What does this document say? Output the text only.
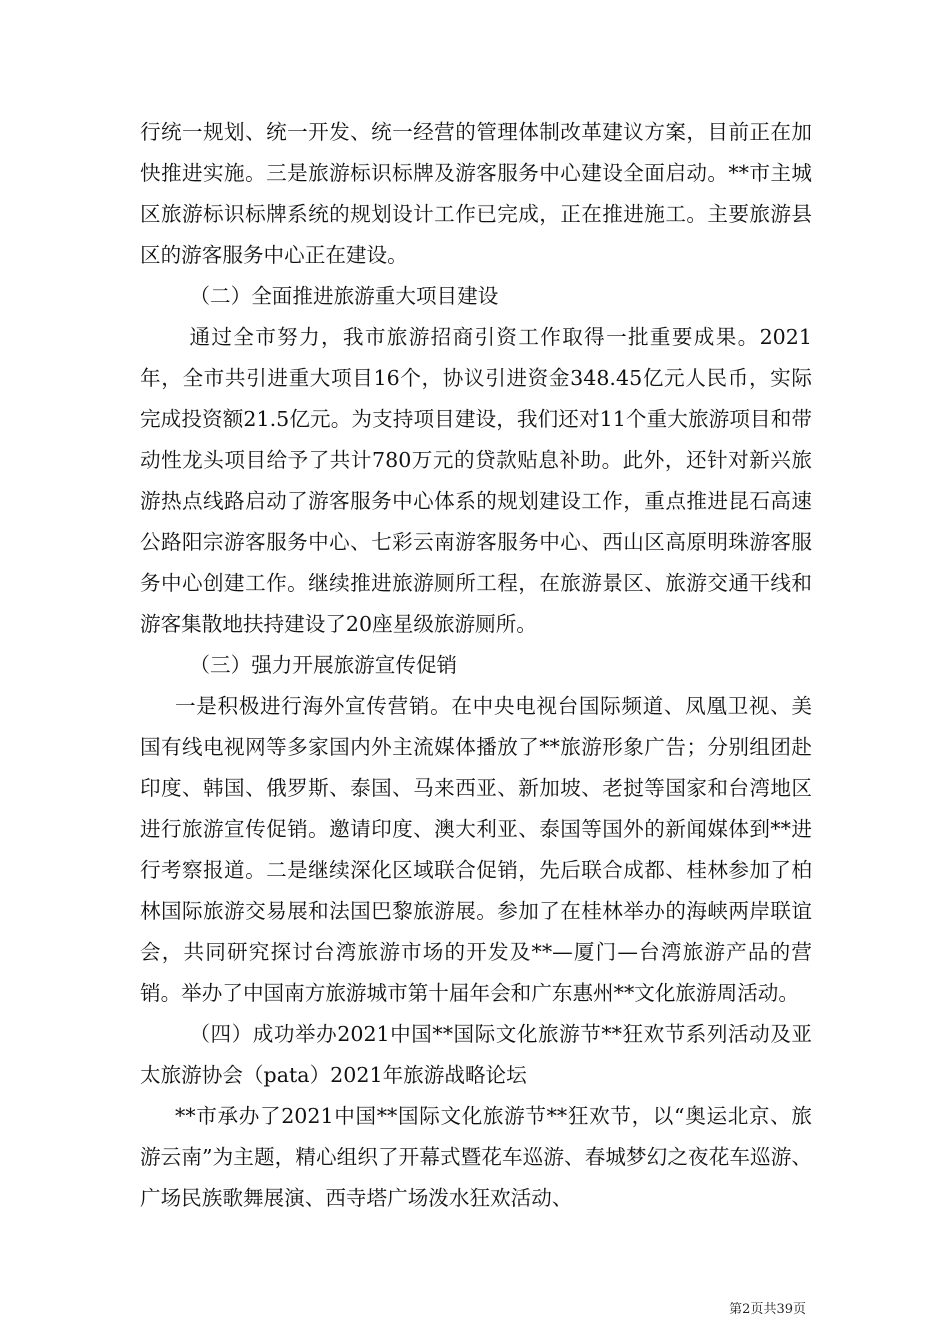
行统一规划、统一开发、统一经营的管理体制改革建议方案，目前正在加快推进实施。三是旅游标识标牌及游客服务中心建设全面启动。**市主城区旅游标识标牌系统的规划设计工作已完成，正在推进施工。主要旅游县区的游客服务中心正在建设。

（二）全面推进旅游重大项目建设

通过全市努力，我市旅游招商引资工作取得一批重要成果。2021年，全市共引进重大项目16个，协议引进资金348.45亿元人民币，实际完成投资额21.5亿元。为支持项目建设，我们还对11个重大旅游项目和带动性龙头项目给予了共计780万元的贷款贴息补助。此外，还针对新兴旅游热点线路启动了游客服务中心体系的规划建设工作，重点推进昆石高速公路阳宗游客服务中心、七彩云南游客服务中心、西山区高原明珠游客服务中心创建工作。继续推进旅游厕所工程，在旅游景区、旅游交通干线和游客集散地扶持建设了20座星级旅游厕所。

（三）强力开展旅游宣传促销

一是积极进行海外宣传营销。在中央电视台国际频道、凤凰卫视、美国有线电视网等多家国内外主流媒体播放了**旅游形象广告；分别组团赴印度、韩国、俄罗斯、泰国、马来西亚、新加坡、老挝等国家和台湾地区进行旅游宣传促销。邀请印度、澳大利亚、泰国等国外的新闻媒体到**进行考察报道。二是继续深化区域联合促销，先后联合成都、桂林参加了柏林国际旅游交易展和法国巴黎旅游展。参加了在桂林举办的海峡两岸联谊会，共同研究探讨台湾旅游市场的开发及**—厦门—台湾旅游产品的营销。举办了中国南方旅游城市第十届年会和广东惠州**文化旅游周活动。

（四）成功举办2021中国**国际文化旅游节**狂欢节系列活动及亚太旅游协会（pata）2021年旅游战略论坛

**市承办了2021中国**国际文化旅游节**狂欢节，以“奥运北京、旅游云南”为主题，精心组织了开幕式暨花车巡游、春城梦幻之夜花车巡游、广场民族歌舞展演、西寺塔广场泼水狂欢活动、

第2页共39页
